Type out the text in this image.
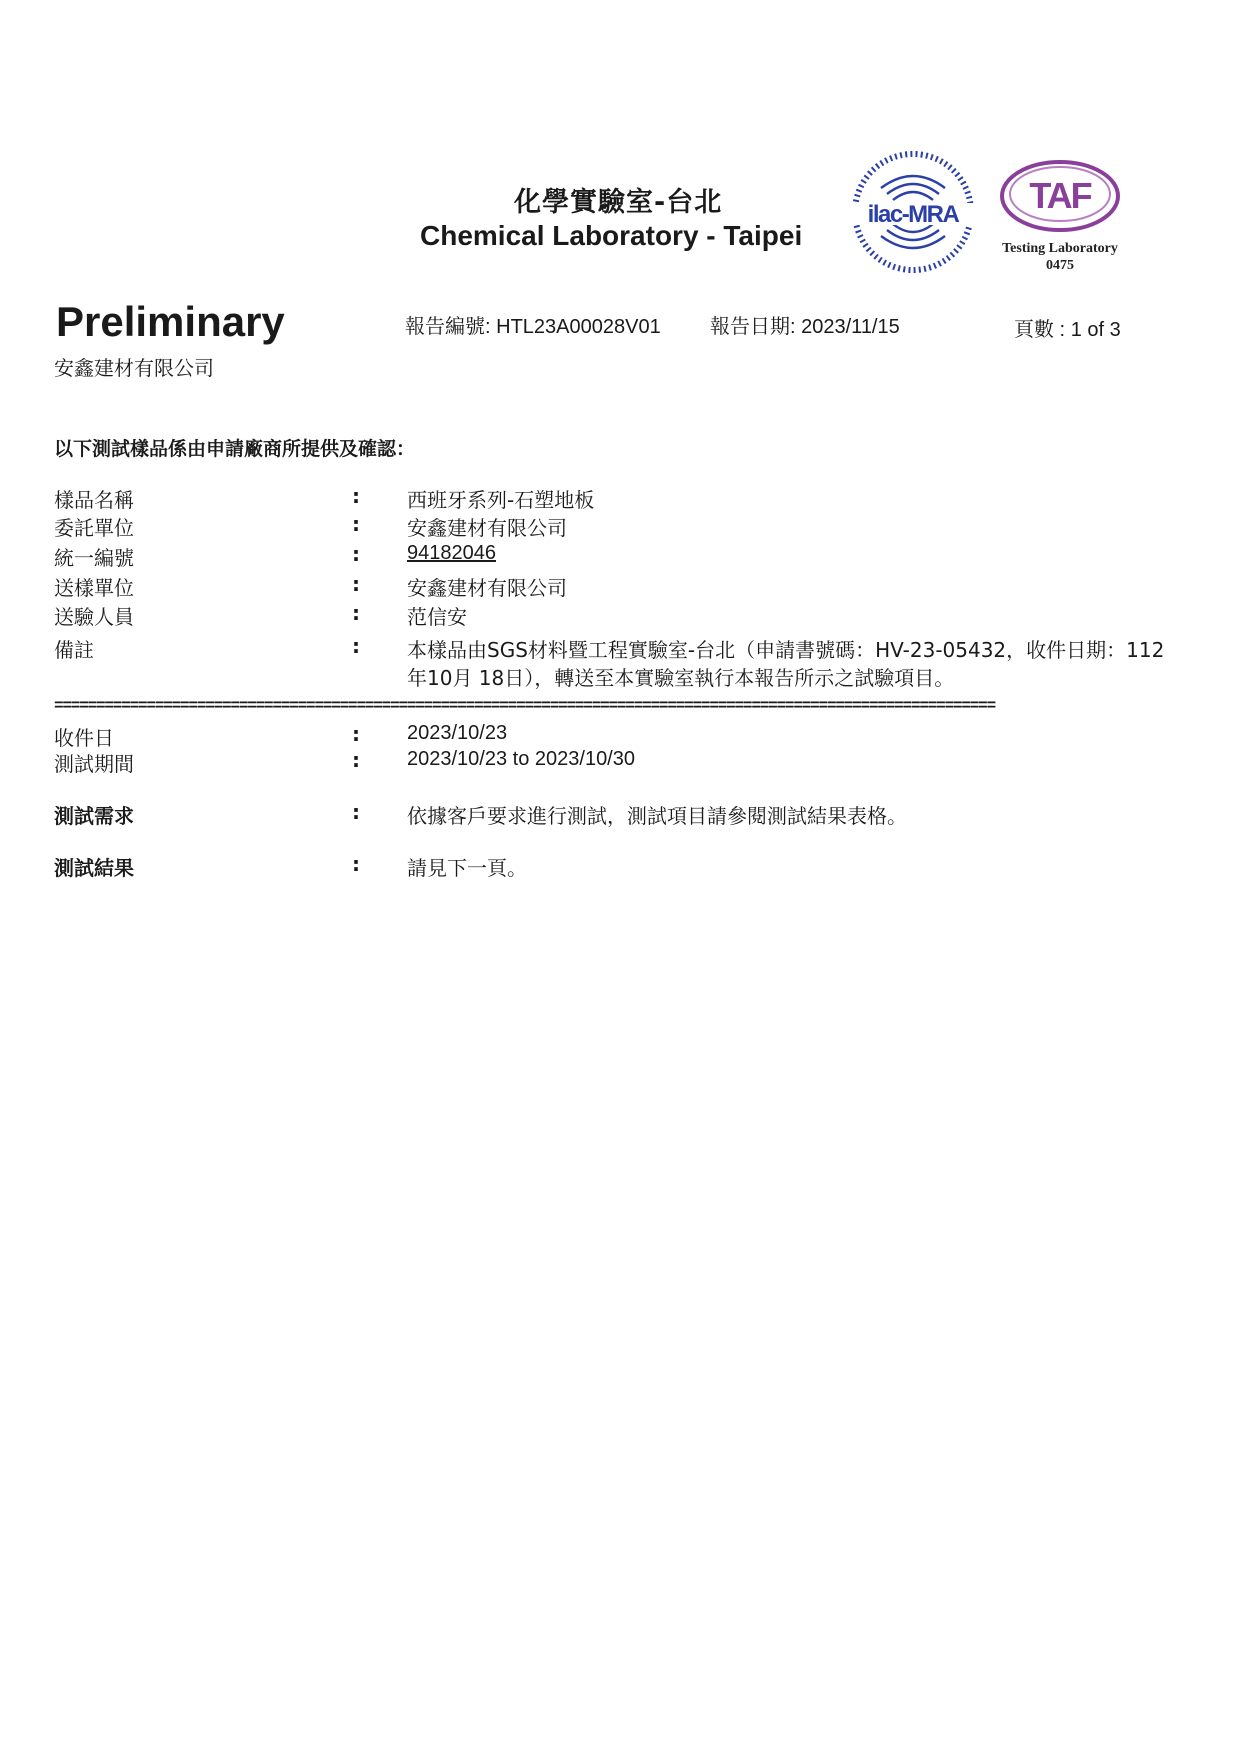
化學實驗室-台北
Chemical Laboratory - Taipei
ilac-MRA TAF
Testing Laboratory
0475
Preliminary	報告編號: HTL23A00028V01 報告日期: 2023/11/15	頁數 : 1 of 3
安鑫建材有限公司
以下測試樣品係由申請廠商所提供及確認：
樣品名稱	: 西班牙系列-石塑地板
委託單位	: 安鑫建材有限公司
統一編號	: 94182046
送樣單位	: 安鑫建材有限公司
送驗人員	: 范信安
備註	: 本樣品由SGS材料暨工程實驗室-台北（申請書號碼：HV-23-05432，收件日期：112
年10月 18日），轉送至本實驗室執行本報告所示之試驗項目。
================================================================================================================
收件日	: 2023/10/23
測試期間	: 2023/10/23 to 2023/10/30
測試需求	: 依據客戶要求進行測試，測試項目請參閱測試結果表格。
測試結果	: 請見下一頁。
